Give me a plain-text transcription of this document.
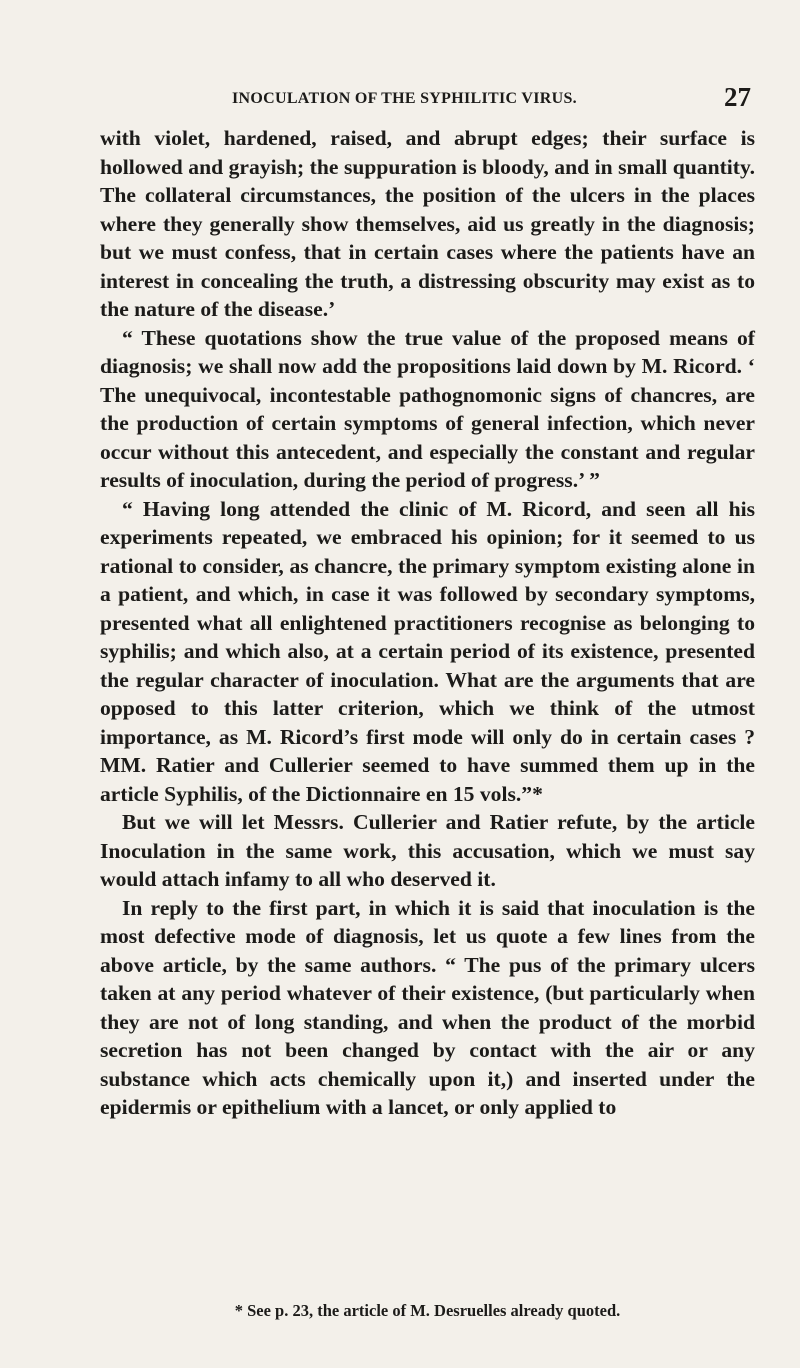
INOCULATION OF THE SYPHILITIC VIRUS.	27

with violet, hardened, raised, and abrupt edges; their surface is hollowed and grayish; the suppuration is bloody, and in small quantity. The collateral circumstances, the position of the ulcers in the places where they generally show themselves, aid us greatly in the diagnosis; but we must confess, that in certain cases where the patients have an interest in concealing the truth, a distressing obscurity may exist as to the nature of the disease.’

“ These quotations show the true value of the proposed means of diagnosis; we shall now add the propositions laid down by M. Ricord. ‘ The unequivocal, incontestable pathognomonic signs of chancres, are the production of certain symptoms of general infection, which never occur without this antecedent, and especially the constant and regular results of inoculation, during the period of progress.’ ”

“ Having long attended the clinic of M. Ricord, and seen all his experiments repeated, we embraced his opinion; for it seemed to us rational to consider, as chancre, the primary symptom existing alone in a patient, and which, in case it was followed by secondary symptoms, presented what all enlightened practitioners recognise as belonging to syphilis; and which also, at a certain period of its existence, presented the regular character of inoculation. What are the arguments that are opposed to this latter criterion, which we think of the utmost importance, as M. Ricord’s first mode will only do in certain cases ? MM. Ratier and Cullerier seemed to have summed them up in the article Syphilis, of the Dictionnaire en 15 vols.”*

But we will let Messrs. Cullerier and Ratier refute, by the article Inoculation in the same work, this accusation, which we must say would attach infamy to all who deserved it.

In reply to the first part, in which it is said that inoculation is the most defective mode of diagnosis, let us quote a few lines from the above article, by the same authors. “ The pus of the primary ulcers taken at any period whatever of their existence, (but particularly when they are not of long standing, and when the product of the morbid secretion has not been changed by contact with the air or any substance which acts chemically upon it,) and inserted under the epidermis or epithelium with a lancet, or only applied to

* See p. 23, the article of M. Desruelles already quoted.
